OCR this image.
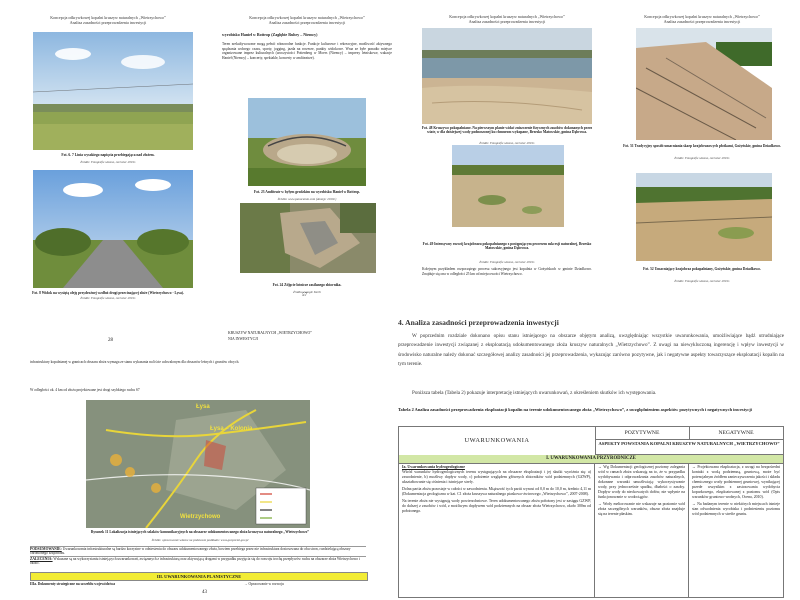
Koncepcja odkrywkowej kopalni kruszyw naturalnych „Wietrzychowo”
Analiza zasadności przeprowadzenia inwestycji
Fot. 6. 7 Linia wysokiego napięcia przebiegająca nad złożem.
Źródło: Fotografie własne, czerwiec 2019r.
Fot. 8 Widok na wysiętą oleję przydrożnej wzdłuż drogi przecinającej złoże (Wietrzychowo - Lysa).
Źródło: Fotografie własne, czerwiec 2019r.
Koncepcja odkrywkowej kopalni kruszyw naturalnych „Wietrzychowo”
Analiza zasadności przeprowadzenia inwestycji
wyrobisko Hanieł w Bottrop (Zagłębie Ruhry – Niemcy)
Teren zrekultywowane mogą pełnić różnorodne funkcje. Funkcje kulturowe i rekreacyjne, możliwość aktywnego spędzania wolnego czasu, sporty, jogging, jazda na rowerze, punkty widokowe. Wraz ze byłe ponadto miejsce organizowane imprez kulturalnych (uroczystości Pottenberg w Moers (Niemcy) – imprezy letniskowe, wakacje Hanieł (Niemcy) – koncerty, spektakle, koncerty w amfiteatrze).
Fot. 23 Amfiteatr w byłym grodzkim na wyrobisku Hanieł w Bottrop.
Źródło: www.panoramio.com (dostęp: 2019r.)
Fot. 24 Zdjęcie lotnicze zasilanego zbiornika.
Źródło: Google Earth
57
Koncepcja odkrywkowej kopalni kruszyw naturalnych „Wietrzychowo”
Analiza zasadności przeprowadzenia inwestycji
Fot. 48 Kruszywo pokopalniane. Na pierwszym planie widać zniszczenie fizycznych zasobów dokonanych przez wiatr, w dla dzisiejszej wody podnoszonej ku chmurom wykopane, Brzesko Matowskie, gmina Dąbrowa.
Źródło: Fotografie własne, czerwiec 2019r.
Fot. 49 Intensywny rozwój krajobrazu pokopalnianego z postępującym procesem sukcesji naturalnej, Brzesko Matowskie, gmina Dąbrowa.
Źródło: Fotografie własne, czerwiec 2019r.
Kolejnym przykładem rozpoczętego procesu sukcesyjnego jest kopalnia w Gożyńskach w gminie Dziadkowo. Znajduje się ona w odległości 25 km od miejscowości Wietrzychowo.
Koncepcja odkrywkowej kopalni kruszyw naturalnych „Wietrzychowo”
Analiza zasadności przeprowadzenia inwestycji
Fot. 51 Tradycyjny sposób umacniania skarp krajobrazowych płotkami, Gożyńskie, gmina Dziadkowo.
Źródło: Fotografie własne, czerwiec 2019r.
Fot. 52 Umacniający krajobraz pokopalniany, Gożyńskie, gmina Dziadkowo.
Źródło: Fotografie własne, czerwiec 2019r.
28
infrastruktury kopalnianej w granicach obszaru złoża wymaga ze stanu wykazania na liście uchwalonym dla obszarów leśnych i gruntów obcych.
W odległości ok. 4 km od złoża projektowane jest drogi szybkiego ruchu S7
Łysa
Łysa – Kolonia
Wietrzychowo
Rysunek 11 Lokalizacja istniejących szlaków komunikacyjnych na obszarze udokumentowanego złoża kruszywa naturalnego „Wietrzychowo”
Źródło: opracowanie własne na podstawie podkładu: www.geoportal.gov.pl
PODSUMOWANIE: Uwarunkowania infrastrukturalne są bardzo korzystne w odniesieniu do obszaru udokumentowanego złoża, bowiem przebiega przez nie infrastruktura dostosowana do obu stron, rozdzielającą obszary chronionego krajobrazu.
ZALECENIA: Wskazane są na wykorzystaniu istniejących uwarunkowań, związanych z infrastrukturą oraz aktywującą drogami w przypadku przyjęcia się do rozwoju trochę przepływów ruchu na obszarze złoża Wietrzychowo i okolic.
III. UWARUNKOWANIA PLANISTYCZNE
IIIa. Dokumenty strategiczne na szczeblu województwa	→ Opracowanie w rozwoju
43
KRUSZYW NATURALNYCH „WIETRZYCHOWO”
NIA INWESTYCJI
4. Analiza zasadności przeprowadzenia inwestycji
W poprzednim rozdziale dokonano opisu stanu istniejącego na obszarze objętym analizą, uwzględniając wszystkie uwarunkowania, umożliwiające bądź utrudniające przeprowadzenie inwestycji związanej z eksploatacją udokumentowanego złoża kruszyw naturalnych „Wietrzychowo”. Z uwagi na niewykluczoną ingerencję i wpływ inwestycji w środowisko naturalne należy dokonać szczegółowej analizy zasadności jej przeprowadzenia, wykazując zarówno pozytywne, jak i negatywne aspekty towarzyszące eksploatacji kopalin na tym terenie.
Poniższa tabela (Tabela 2) pokazuje interpretację istniejących uwarunkowań, z określeniem skutków ich występowania.
Tabela 2 Analiza zasadności przeprowadzenia eksploatacji kopalin na terenie udokumentowanego złoża „Wietrzychowo”, z uwzględnieniem aspektów pozytywnych i negatywnych inwestycji
UWARUNKOWANIA
POZYTYWNE	NEGATYWNE
ASPEKTY POWSTANIA KOPALNI KRUSZYW NATURALNYCH „WIETRZYCHOWO”
I. UWARUNKOWANIA PRZYRODNICZE
Ia. Uwarunkowania hydrogeologiczne
Wśród warunków hydrogeologicznych terenu występujących na obszarze eksploatacji i jej skutki wyróżnia się: a) zawodnienie, b) możliwy dopływ wody, c) położenie względem głównych zbiorników wód podziemnych (GZWP), ukształtowanie się ciśnienia i istniejące strefy.
Dolna partia złoża pozostaje w całości w zawodnieniu. Miąższość tych partii wynosi od 0,0 m do 10,0 m, średnio 4,11 m (Dokumentacja geologiczna w kat. C1 złoża kruszywa naturalnego piaskowo-żwirowego „Wietrzychowo”, 2007-2008).
Na terenie złoża nie występują wody powierzchniowe. Teren udokumentowanego złoża położony jest w zasięgu GZWP, do dalszej z zasobów i wód, z możliwym dopływem wód podziemnych na obszar złoża Wietrzychowo, około 300m od położonego.
→ Wg Dokumentacji geologicznej poziomy zalegania wód w ramach złoża wskazują na to, że w przypadku wydobywania i odprowadzania zasobów naturalnych, dokonane warunki umożliwiają: wykorzystywanie wody, przy jednocześnie spadku, dbałości o zasoby. Dopływ wody do nieckowatych dołów, nie wpłynie na funkcjonowanie w wodociągów.
→ Wody meliorowanie nie wskazuje na poziomie wód złoża szczególnych warunków, obszar złoża znajduje się na terenie płaskim.
→ Projektowana eksploatacja, z uwagi na bezpośredni kontakt z wodą podziemną, gruntową, może być potencjalnym źródłem zanieczyszczenia jakości i składu chemicznego wody podziemnej gruntowej, wynikającej przede wszystkim z zastosowania wydobycia koparkowego, eksploatowanej z poziomu wód (Opis warunków gruntowo-wodnych, Ocena, 2010).
→ Na badanym terenie w niektórych miejscach istnieje stan odwodnienia wyrobiska i podniesieniu poziomu wód podziemnych w strefie gruntu.
